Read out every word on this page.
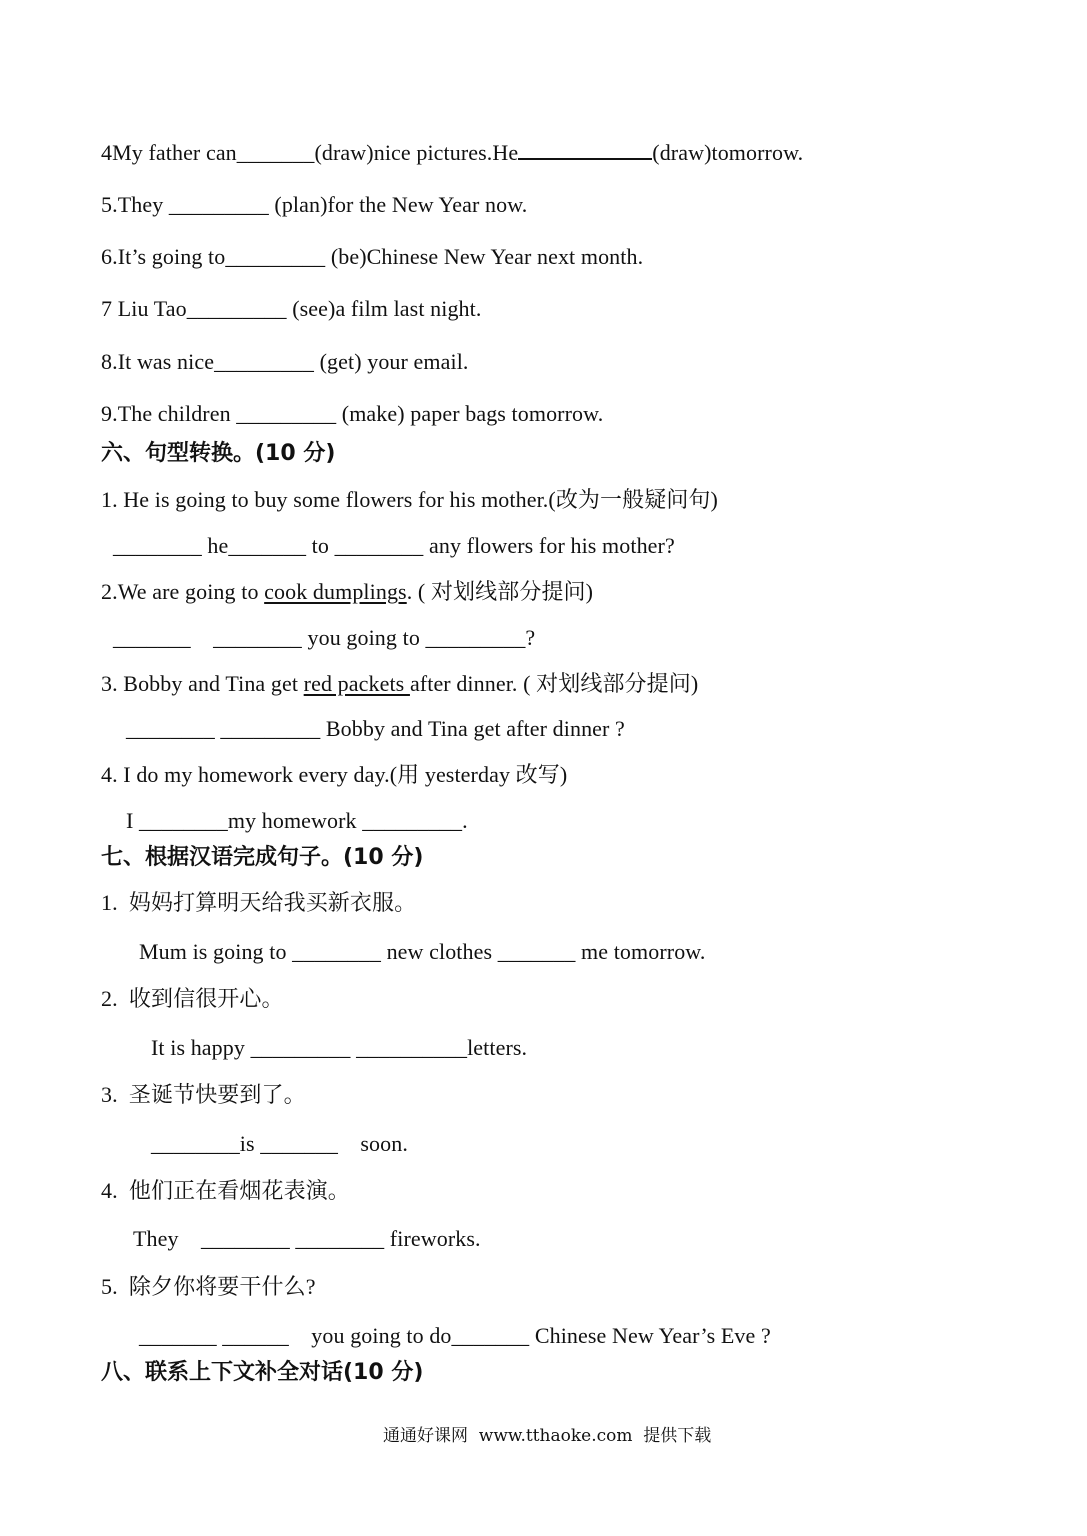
4My father can_______(draw)nice pictures.He	(draw)tomorrow.
5.They _________ (plan)for the New Year now.
6.It’s going to_________ (be)Chinese New Year next month.
7 Liu Tao_________ (see)a film last night.
8.It was nice_________ (get) your email.
9.The children _________ (make) paper bags tomorrow.
六、句型转换。(10 分)
1. He is going to buy some flowers for his mother.(改为一般疑问句)
________ he_______ to ________ any flowers for his mother?
2.We are going to cook dumplings. ( 对划线部分提问)
_______    ________ you going to _________?
3. Bobby and Tina get red packets after dinner. ( 对划线部分提问)
________ _________ Bobby and Tina get after dinner ?
4. I do my homework every day.(用 yesterday 改写)
I ________my homework _________.
七、根据汉语完成句子。(10 分)
1.  妈妈打算明天给我买新衣服。
Mum is going to ________ new clothes _______ me tomorrow.
2.  收到信很开心。
It is happy _________ __________letters.
3.  圣诞节快要到了。
________is _______    soon.
4.  他们正在看烟花表演。
They    ________ ________ fireworks.
5.  除夕你将要干什么?
_______ ______    you going to do_______ Chinese New Year’s Eve ?
八、联系上下文补全对话(10 分)
通通好课网  www.tthaoke.com  提供下载
